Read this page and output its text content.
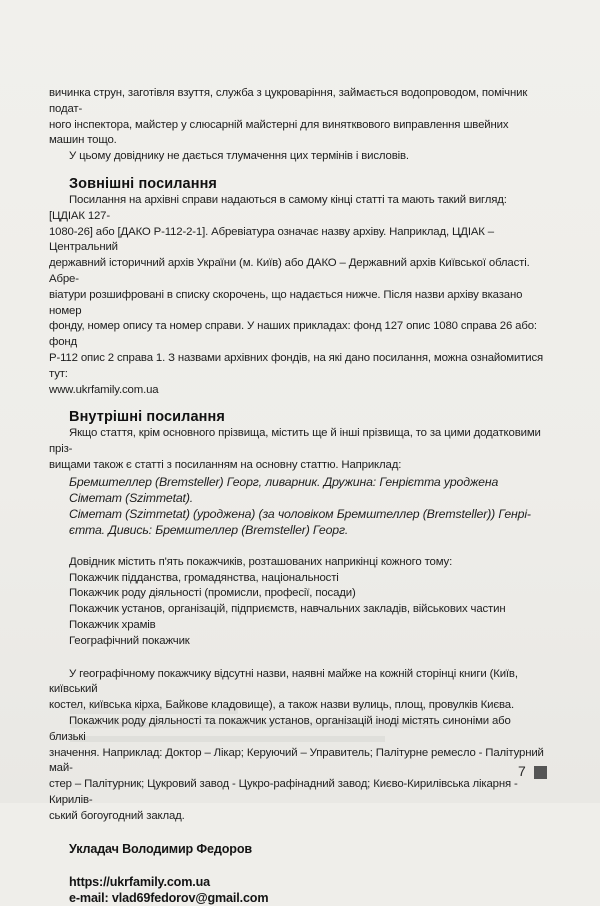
вичинка струн, заготівля взуття, служба з цукроваріння, займається водопроводом, помічник подат-

ного інспектора, майстер у слюсарній майстерні для винятквового виправлення швейних машин тощо.

У цьому довіднику не дається тлумачення цих термінів і висловів.

Зовнішні посилання

Посилання на архівні справи надаються в самому кінці статті та мають такий вигляд: [ЦДІАК 127-

1080-26] або [ДАКО Р-112-2-1]. Абревіатура означає назву архіву. Наприклад, ЦДІАК – Центральний

державний історичний архів України (м. Київ) або ДАКО – Державний архів Київської області. Абре-

віатури розшифровані в списку скорочень, що надається нижче. Після назви архіву вказано номер

фонду, номер опису та номер справи. У наших прикладах: фонд 127 опис 1080 справа 26 або: фонд

Р-112 опис 2 справа 1. З назвами архівних фондів, на які дано посилання, можна ознайомитися тут:

www.ukrfamily.com.ua

Внутрішні посилання

Якщо стаття, крім основного прізвища, містить ще й інші прізвища, то за цими додатковими пріз-

вищами також є статті з посиланням на основну статтю. Наприклад:

Бремштеллер (Bremsteller) Георг, ливарник. Дружина: Генрієтта уроджена

Сіметат (Szimmetat).

Сіметат (Szimmetat) (уроджена) (за чоловіком Бремштеллер (Bremsteller)) Генрі-

єтта. Дивись: Бремштеллер (Bremsteller) Георг.

Довідник містить п'ять покажчиків, розташованих наприкінці кожного тому:

Покажчик підданства, громадянства, національності

Покажчик роду діяльності (промисли, професії, посади)

Покажчик установ, організацій, підприємств, навчальних закладів, військових частин

Покажчик храмів

Географічний покажчик

У географічному покажчику відсутні назви, наявні майже на кожній сторінці книги (Київ, київський

костел, київська кірха, Байкове кладовище), а також назви вулиць, площ, провулків Києва.

Покажчик роду діяльності та покажчик установ, організацій іноді містять синоніми або близькі

значення. Наприклад: Доктор – Лікар; Керуючий – Управитель; Палітурне ремесло - Палітурний май-

стер – Палітурник; Цукровий завод - Цукро-рафінадний завод; Києво-Кирилівська лікарня - Кирилів-

ський богоугодний заклад.

Укладач Володимир Федоров

https://ukrfamily.com.ua

e-mail: vlad69fedorov@gmail.com

7
